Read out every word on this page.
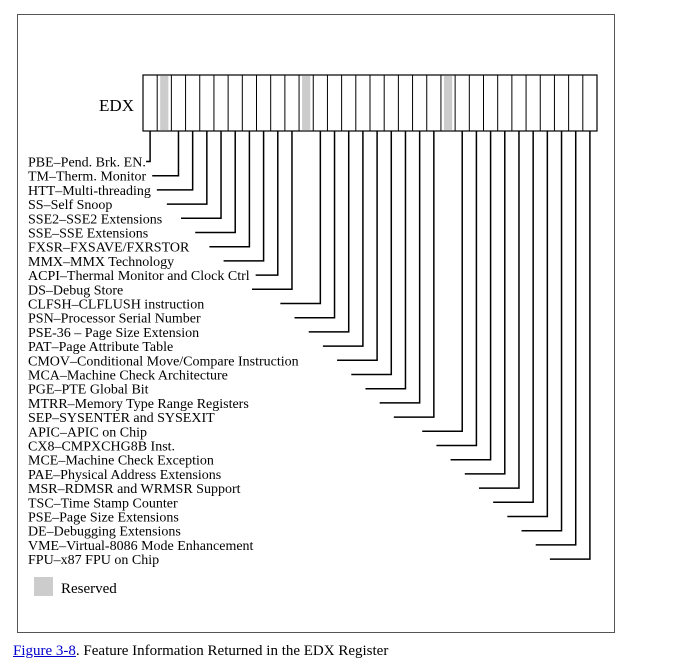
EDX
PBE–Pend. Brk. EN.
TM–Therm. Monitor
HTT–Multi-threading
SS–Self Snoop
SSE2–SSE2 Extensions
SSE–SSE Extensions
FXSR–FXSAVE/FXRSTOR
MMX–MMX Technology
ACPI–Thermal Monitor and Clock Ctrl
DS–Debug Store
CLFSH–CLFLUSH instruction
PSN–Processor Serial Number
PSE-36 – Page Size Extension
PAT–Page Attribute Table
CMOV–Conditional Move/Compare Instruction
MCA–Machine Check Architecture
PGE–PTE Global Bit
MTRR–Memory Type Range Registers
SEP–SYSENTER and SYSEXIT
APIC–APIC on Chip
CX8–CMPXCHG8B Inst.
MCE–Machine Check Exception
PAE–Physical Address Extensions
MSR–RDMSR and WRMSR Support
TSC–Time Stamp Counter
PSE–Page Size Extensions
DE–Debugging Extensions
VME–Virtual-8086 Mode Enhancement
FPU–x87 FPU on Chip
Reserved
Figure 3-8. Feature Information Returned in the EDX Register
